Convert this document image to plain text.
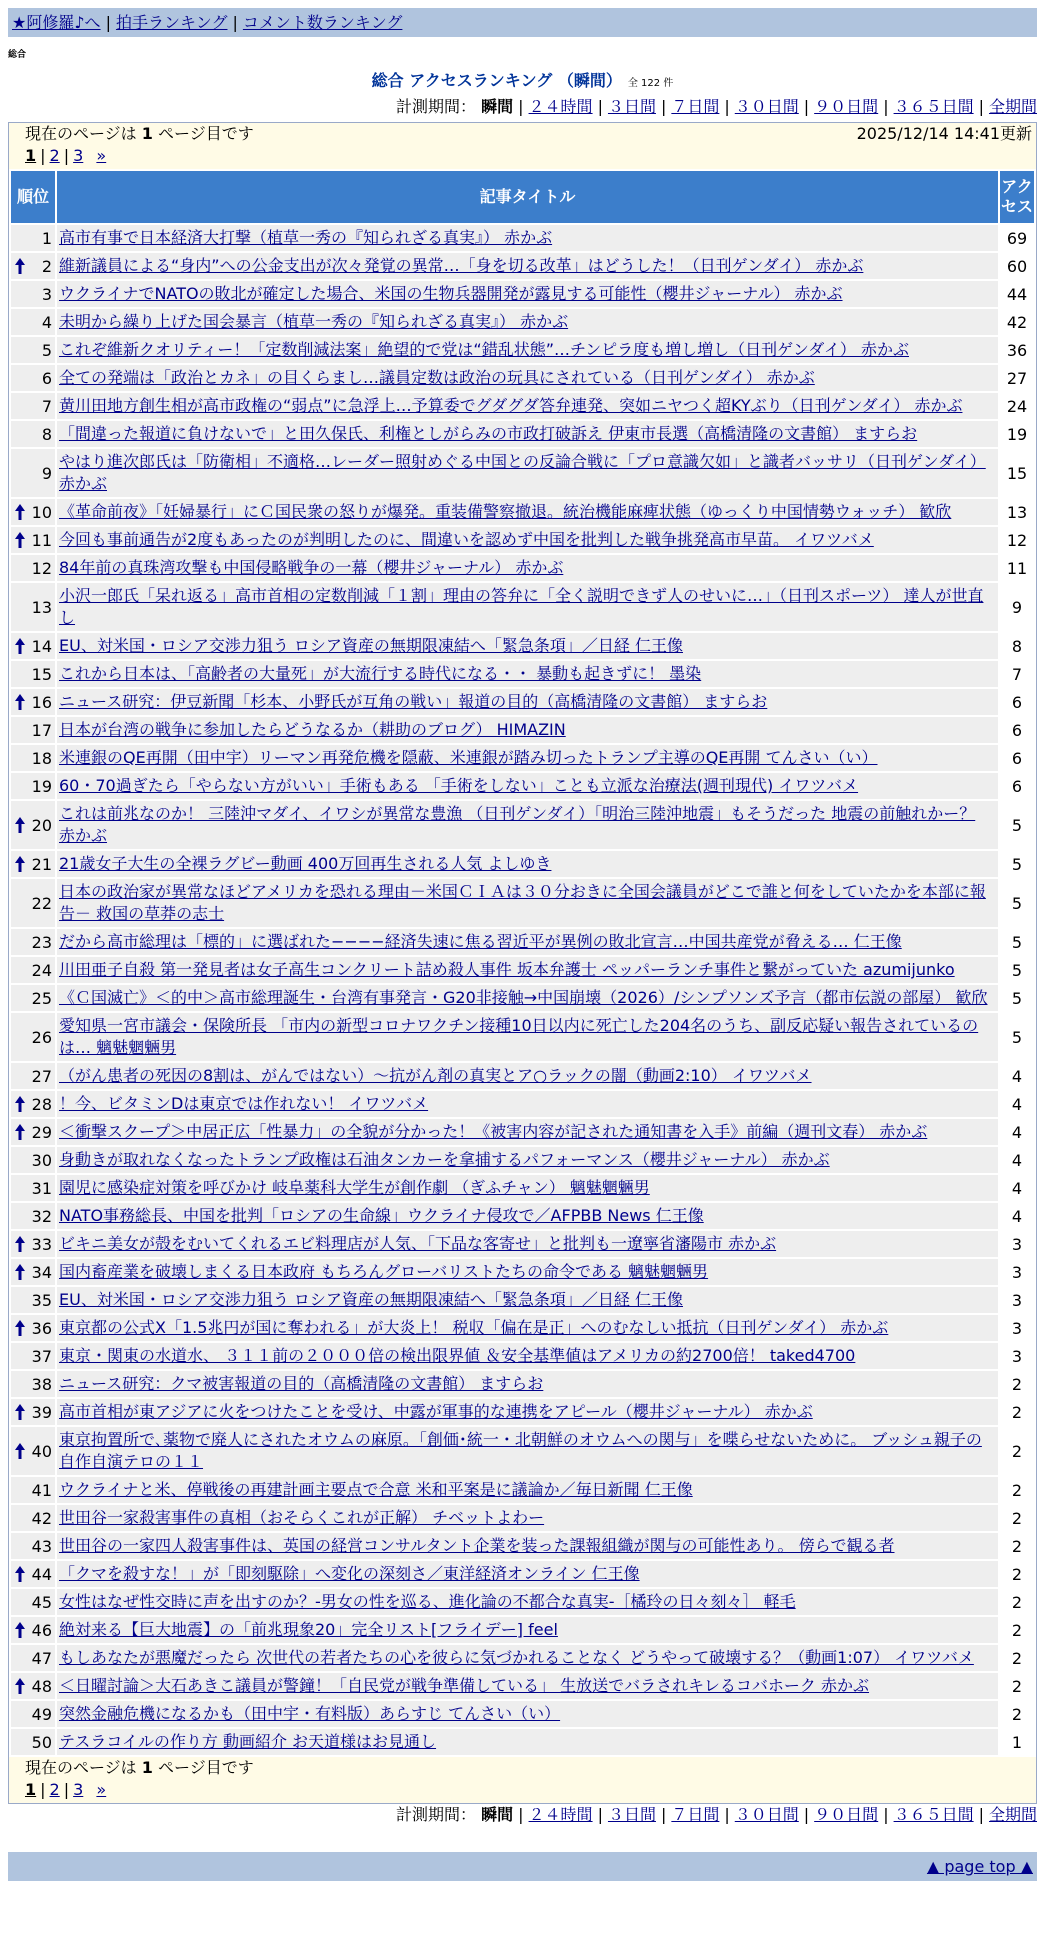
★阿修羅♪へ | 拍手ランキング | コメント数ランキング
総合
総合 アクセスランキング （瞬間） 全 122 件
計測期間： 瞬間 | ２４時間 | ３日間 | ７日間 | ３０日間 | ９０日間 | ３６５日間 | 全期間
現在のページは 1 ページ目です	2025/12/14 14:41更新
1 | 2 | 3 »
順位	記事タイトル	アクセス
1	高市有事で日本経済大打撃（植草一秀の『知られざる真実』） 赤かぶ	69

2	維新議員による“身内”への公金支出が次々発覚の異常…「身を切る改革」はどうした！（日刊ゲンダイ） 赤かぶ	60
3	ウクライナでNATOの敗北が確定した場合、米国の生物兵器開発が露見する可能性（櫻井ジャーナル） 赤かぶ	44
4	未明から繰り上げた国会暴言（植草一秀の『知られざる真実』） 赤かぶ	42
5	これぞ維新クオリティー！「定数削減法案」絶望的で党は“錯乱状態”…チンピラ度も増し増し（日刊ゲンダイ） 赤かぶ	36
6	全ての発端は「政治とカネ」の目くらまし…議員定数は政治の玩具にされている（日刊ゲンダイ） 赤かぶ	27
7	黄川田地方創生相が高市政権の“弱点”に急浮上…予算委でグダグダ答弁連発、突如ニヤつく超KYぶり（日刊ゲンダイ） 赤かぶ	24
8	「間違った報道に負けないで」と田久保氏、利権としがらみの市政打破訴え 伊東市長選（高橋清隆の文書館） ますらお	19
9	やはり進次郎氏は「防衛相」不適格…レーダー照射めぐる中国との反論合戦に「プロ意識欠如」と識者バッサリ（日刊ゲンダイ） 赤かぶ	15

10	《革命前夜》「妊婦暴行」にＣ国民衆の怒りが爆発。重装備警察撤退。統治機能麻痺状態（ゆっくり中国情勢ウォッチ） 歓欣	13

11	今回も事前通告が2度もあったのが判明したのに、間違いを認めず中国を批判した戦争挑発高市早苗。 イワツバメ	12
12	84年前の真珠湾攻撃も中国侵略戦争の一幕（櫻井ジャーナル） 赤かぶ	11
13	小沢一郎氏「呆れ返る」高市首相の定数削減「１割」理由の答弁に「全く説明できず人のせいに…」（日刊スポーツ） 達人が世直し	9

14	EU、対米国・ロシア交渉力狙う ロシア資産の無期限凍結へ「緊急条項」／日経 仁王像	8
15	これから日本は、「高齢者の大量死」が大流行する時代になる・・ 暴動も起きずに！ 墨染	7

16	ニュース研究：伊豆新聞「杉本、小野氏が互角の戦い」報道の目的（高橋清隆の文書館） ますらお	6
17	日本が台湾の戦争に参加したらどうなるか（耕助のブログ） HIMAZIN	6
18	米連銀のQE再開（田中宇）リーマン再発危機を隠蔽、米連銀が踏み切ったトランプ主導のQE再開 てんさい（い）	6
19	60・70過ぎたら「やらない方がいい」手術もある 「手術をしない」ことも立派な治療法(週刊現代) イワツバメ	6

20	これは前兆なのか！ 三陸沖マダイ、イワシが異常な豊漁 （日刊ゲンダイ）「明治三陸沖地震」もそうだった 地震の前触れかー？ 赤かぶ	5

21	21歳女子大生の全裸ラグビー動画 400万回再生される人気 よしゆき	5
22	日本の政治家が異常なほどアメリカを恐れる理由－米国ＣＩＡは３０分おきに全国会議員がどこで誰と何をしていたかを本部に報告－ 救国の草莽の志士	5
23	だから高市総理は「標的」に選ばれた−−−−経済失速に焦る習近平が異例の敗北宣言…中国共産党が脅える… 仁王像	5
24	川田亜子自殺 第一発見者は女子高生コンクリート詰め殺人事件 坂本弁護士 ペッパーランチ事件と繋がっていた azumijunko	5
25	《Ｃ国滅亡》＜的中＞高市総理誕生・台湾有事発言・G20非接触→中国崩壊（2026）/シンプソンズ予言（都市伝説の部屋） 歓欣	5
26	愛知県一宮市議会・保険所長 「市内の新型コロナワクチン接種10日以内に死亡した204名のうち、副反応疑い報告されているのは… 魑魅魍魎男	5
27	（がん患者の死因の8割は、がんではない）～抗がん剤の真実とア○ラックの闇（動画2:10） イワツバメ	4

28	！今、ビタミンDは東京では作れない！ イワツバメ	4

29	＜衝撃スクープ＞中居正広「性暴力」の全貌が分かった！《被害内容が記された通知書を入手》前編（週刊文春） 赤かぶ	4
30	身動きが取れなくなったトランプ政権は石油タンカーを拿捕するパフォーマンス（櫻井ジャーナル） 赤かぶ	4
31	園児に感染症対策を呼びかけ 岐阜薬科大学生が創作劇 （ぎふチャン） 魑魅魍魎男	4
32	NATO事務総長、中国を批判「ロシアの生命線」ウクライナ侵攻で／AFPBB News 仁王像	4

33	ビキニ美女が殻をむいてくれるエビ料理店が人気、「下品な客寄せ」と批判も一遼寧省瀋陽市 赤かぶ	3

34	国内畜産業を破壊しまくる日本政府 もちろんグローバリストたちの命令である 魑魅魍魎男	3
35	EU、対米国・ロシア交渉力狙う ロシア資産の無期限凍結へ「緊急条項」／日経 仁王像	3

36	東京都の公式X「1.5兆円が国に奪われる」が大炎上！ 税収「偏在是正」へのむなしい抵抗（日刊ゲンダイ） 赤かぶ	3
37	東京・関東の水道水、 ３１１前の２０００倍の検出限界値 ＆安全基準値はアメリカの約2700倍！ taked4700	3
38	ニュース研究：クマ被害報道の目的（高橋清隆の文書館） ますらお	2

39	高市首相が東アジアに火をつけたことを受け、中露が軍事的な連携をアピール（櫻井ジャーナル） 赤かぶ	2

40	東京拘置所で､薬物で廃人にされたオウムの麻原。「創価･統一・北朝鮮のオウムへの関与」を喋らせないために。 ブッシュ親子の自作自演テロの１１	2
41	ウクライナと米、停戦後の再建計画主要点で合意 米和平案是に議論か／毎日新聞 仁王像	2
42	世田谷一家殺害事件の真相（おそらくこれが正解） チベットよわー	2
43	世田谷の一家四人殺害事件は、英国の経営コンサルタント企業を装った課報組織が関与の可能性あり。 傍らで観る者	2

44	「クマを殺すな！」が「即刻駆除」へ変化の深刻さ／東洋経済オンライン 仁王像	2
45	女性はなぜ性交時に声を出すのか？-男女の性を巡る、進化論の不都合な真実-［橘玲の日々刻々］ 軽毛	2

46	絶対来る【巨大地震】の「前兆現象20」完全リスト[フライデー] feel	2
47	もしあなたが悪魔だったら 次世代の若者たちの心を彼らに気づかれることなく どうやって破壊する？（動画1:07） イワツバメ	2

48	＜日曜討論＞大石あきこ議員が警鐘！「自民党が戦争準備している」 生放送でバラされキレるコバホーク 赤かぶ	2
49	突然金融危機になるかも（田中宇・有料版）あらすじ てんさい（い）	2
50	テスラコイルの作り方 動画紹介 お天道様はお見通し	1
現在のページは 1 ページ目です
1 | 2 | 3 »
計測期間： 瞬間 | ２４時間 | ３日間 | ７日間 | ３０日間 | ９０日間 | ３６５日間 | 全期間
▲ page top ▲
